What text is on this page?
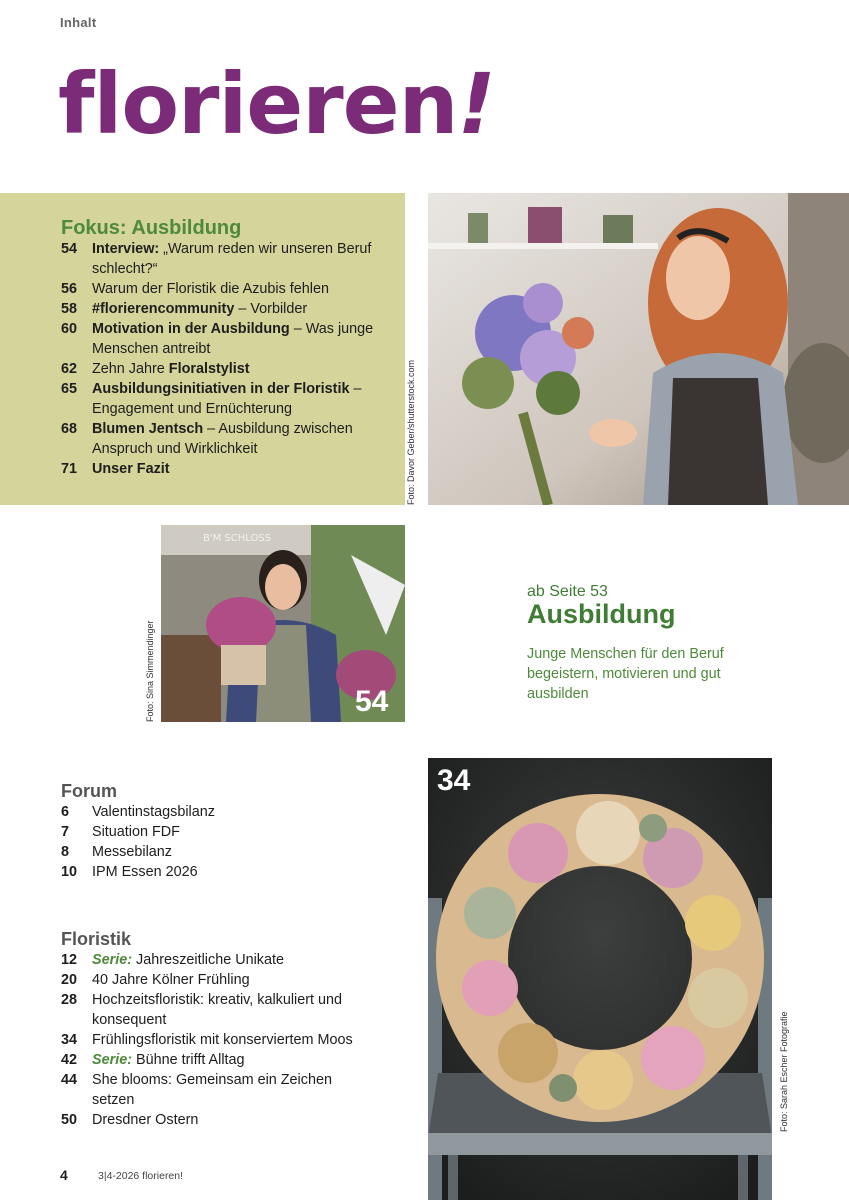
Inhalt
florieren!
Fokus: Ausbildung
54 Interview: „Warum reden wir unseren Beruf schlecht?“
56 Warum der Floristik die Azubis fehlen
58 #florierencommunity – Vorbilder
60 Motivation in der Ausbildung – Was junge Menschen antreibt
62 Zehn Jahre Floralstylist
65 Ausbildungsinitiativen in der Floristik – Engagement und Ernüchterung
68 Blumen Jentsch – Ausbildung zwischen Anspruch und Wirklichkeit
71 Unser Fazit	Foto: Davor Geber/shutterstock.com
B'M SCHLOSS
54
Foto: Sina Simmendinger
ab Seite 53
Ausbildung
Junge Menschen für den Beruf begeistern, motivieren und gut ausbilden
Forum
6 Valentinstagsbilanz
7 Situation FDF
8 Messebilanz
10 IPM Essen 2026
Floristik
12 Serie: Jahreszeitliche Unikate
20 40 Jahre Kölner Frühling
28 Hochzeitsfloristik: kreativ, kalkuliert und konsequent
34 Frühlingsfloristik mit konserviertem Moos
42 Serie: Bühne trifft Alltag
44 She blooms: Gemeinsam ein Zeichen setzen
50 Dresdner Ostern
34
Foto: Sarah Escher Fotografie
4	3|4-2026 florieren!
